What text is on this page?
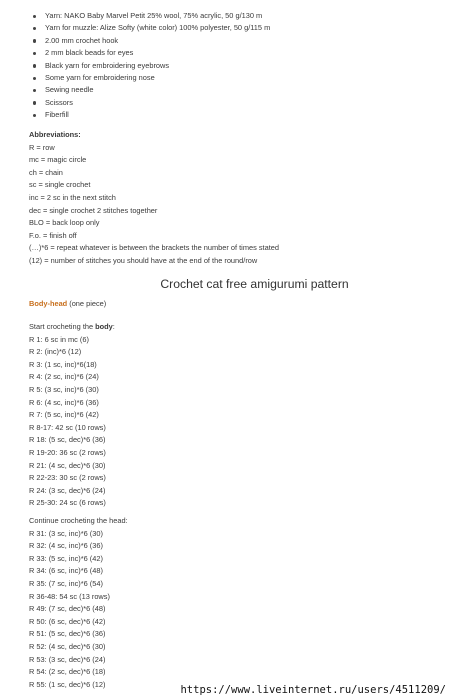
Yarn: NAKO Baby Marvel Petit 25% wool, 75% acrylic, 50 g/130 m
Yarn for muzzle: Alize Softy (white color) 100% polyester, 50 g/115 m
2.00 mm crochet hook
2 mm black beads for eyes
Black yarn for embroidering eyebrows
Some yarn for embroidering nose
Sewing needle
Scissors
Fiberfill
Abbreviations:
R = row
mc = magic circle
ch = chain
sc = single crochet
inc = 2 sc in the next stitch
dec = single crochet 2 stitches together
BLO = back loop only
F.o. = finish off
(…)*6 = repeat whatever is between the brackets the number of times stated
(12) = number of stitches you should have at the end of the round/row
Crochet cat free amigurumi pattern
Body-head (one piece)
Start crocheting the body:
R 1: 6 sc in mc (6)
R 2: (inc)*6 (12)
R 3: (1 sc, inc)*6(18)
R 4: (2 sc, inc)*6 (24)
R 5: (3 sc, inc)*6 (30)
R 6: (4 sc, inc)*6 (36)
R 7: (5 sc, inc)*6 (42)
R 8-17: 42 sc (10 rows)
R 18: (5 sc, dec)*6 (36)
R 19-20: 36 sc (2 rows)
R 21: (4 sc, dec)*6 (30)
R 22-23: 30 sc (2 rows)
R 24: (3 sc, dec)*6 (24)
R 25-30: 24 sc (6 rows)
Continue crocheting the head:
R 31: (3 sc, inc)*6 (30)
R 32: (4 sc, inc)*6 (36)
R 33: (5 sc, inc)*6 (42)
R 34: (6 sc, inc)*6 (48)
R 35: (7 sc, inc)*6 (54)
R 36-48: 54 sc (13 rows)
R 49: (7 sc, dec)*6 (48)
R 50: (6 sc, dec)*6 (42)
R 51: (5 sc, dec)*6 (36)
R 52: (4 sc, dec)*6 (30)
R 53: (3 sc, dec)*6 (24)
R 54: (2 sc, dec)*6 (18)
R 55: (1 sc, dec)*6 (12)	https://www.liveinternet.ru/users/4511209/
